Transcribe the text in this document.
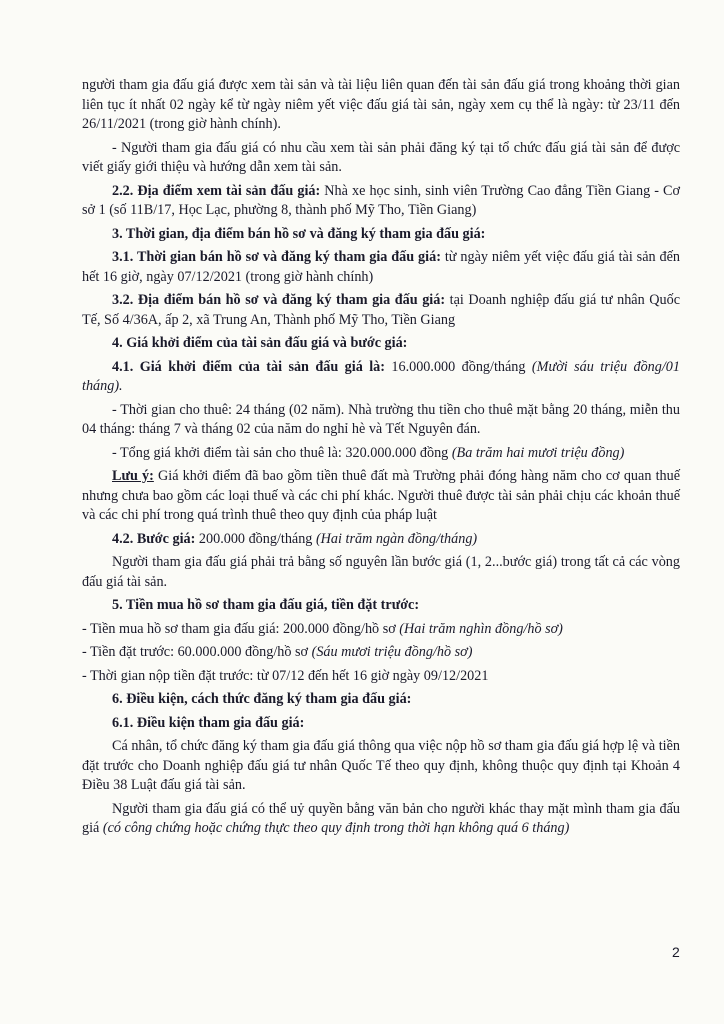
người tham gia đấu giá được xem tài sản và tài liệu liên quan đến tài sản đấu giá trong khoảng thời gian liên tục ít nhất 02 ngày kể từ ngày niêm yết việc đấu giá tài sản, ngày xem cụ thể là ngày: từ 23/11 đến 26/11/2021 (trong giờ hành chính).

- Người tham gia đấu giá có nhu cầu xem tài sản phải đăng ký tại tổ chức đấu giá tài sản để được viết giấy giới thiệu và hướng dẫn xem tài sản.

2.2. Địa điểm xem tài sản đấu giá: Nhà xe học sinh, sinh viên Trường Cao đẳng Tiền Giang - Cơ sở 1 (số 11B/17, Học Lạc, phường 8, thành phố Mỹ Tho, Tiền Giang)

3. Thời gian, địa điểm bán hồ sơ và đăng ký tham gia đấu giá:

3.1. Thời gian bán hồ sơ và đăng ký tham gia đấu giá: từ ngày niêm yết việc đấu giá tài sản đến hết 16 giờ, ngày 07/12/2021 (trong giờ hành chính)

3.2. Địa điểm bán hồ sơ và đăng ký tham gia đấu giá: tại Doanh nghiệp đấu giá tư nhân Quốc Tế, Số 4/36A, ấp 2, xã Trung An, Thành phố Mỹ Tho, Tiền Giang

4. Giá khởi điểm của tài sản đấu giá và bước giá:

4.1. Giá khởi điểm của tài sản đấu giá là: 16.000.000 đồng/tháng (Mười sáu triệu đồng/01 tháng).

- Thời gian cho thuê: 24 tháng (02 năm). Nhà trường thu tiền cho thuê mặt bằng 20 tháng, miễn thu 04 tháng: tháng 7 và tháng 02 của năm do nghỉ hè và Tết Nguyên đán.

- Tổng giá khởi điểm tài sản cho thuê là: 320.000.000 đồng (Ba trăm hai mươi triệu đồng)

Lưu ý: Giá khởi điểm đã bao gồm tiền thuê đất mà Trường phải đóng hàng năm cho cơ quan thuế nhưng chưa bao gồm các loại thuế và các chi phí khác. Người thuê được tài sản phải chịu các khoản thuế và các chi phí trong quá trình thuê theo quy định của pháp luật

4.2. Bước giá: 200.000 đồng/tháng (Hai trăm ngàn đồng/tháng)

Người tham gia đấu giá phải trả bằng số nguyên lần bước giá (1, 2...bước giá) trong tất cả các vòng đấu giá tài sản.

5. Tiền mua hồ sơ tham gia đấu giá, tiền đặt trước:

- Tiền mua hồ sơ tham gia đấu giá: 200.000 đồng/hồ sơ (Hai trăm nghìn đồng/hồ sơ)

- Tiền đặt trước: 60.000.000 đồng/hồ sơ (Sáu mươi triệu đồng/hồ sơ)

- Thời gian nộp tiền đặt trước: từ 07/12 đến hết 16 giờ ngày 09/12/2021

6. Điều kiện, cách thức đăng ký tham gia đấu giá:

6.1. Điều kiện tham gia đấu giá:

Cá nhân, tổ chức đăng ký tham gia đấu giá thông qua việc nộp hồ sơ tham gia đấu giá hợp lệ và tiền đặt trước cho Doanh nghiệp đấu giá tư nhân Quốc Tế theo quy định, không thuộc quy định tại Khoản 4 Điều 38 Luật đấu giá tài sản.

Người tham gia đấu giá có thể uỷ quyền bằng văn bản cho người khác thay mặt mình tham gia đấu giá (có công chứng hoặc chứng thực theo quy định trong thời hạn không quá 6 tháng)

2
